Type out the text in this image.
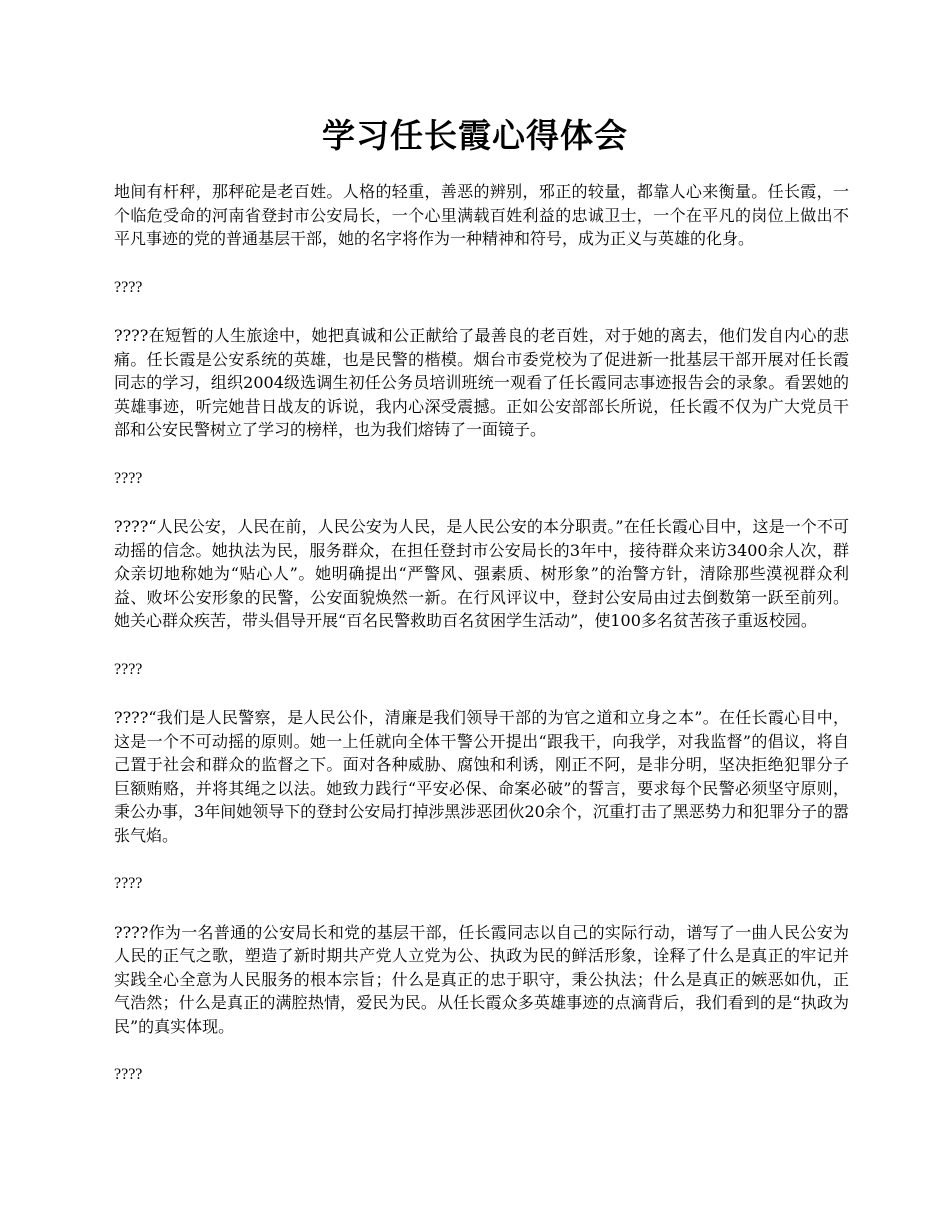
学习任长霞心得体会

地间有杆秤，那秤砣是老百姓。人格的轻重，善恶的辨别，邪正的较量，都靠人心来衡量。任长霞，一个临危受命的河南省登封市公安局长，一个心里满载百姓利益的忠诚卫士，一个在平凡的岗位上做出不平凡事迹的党的普通基层干部，她的名字将作为一种精神和符号，成为正义与英雄的化身。

????

????在短暂的人生旅途中，她把真诚和公正献给了最善良的老百姓，对于她的离去，他们发自内心的悲痛。任长霞是公安系统的英雄，也是民警的楷模。烟台市委党校为了促进新一批基层干部开展对任长霞同志的学习，组织2004级选调生初任公务员培训班统一观看了任长霞同志事迹报告会的录象。看罢她的英雄事迹，听完她昔日战友的诉说，我内心深受震撼。正如公安部部长所说，任长霞不仅为广大党员干部和公安民警树立了学习的榜样，也为我们熔铸了一面镜子。

????

????“人民公安，人民在前，人民公安为人民，是人民公安的本分职责。”在任长霞心目中，这是一个不可动摇的信念。她执法为民，服务群众，在担任登封市公安局长的3年中，接待群众来访3400余人次，群众亲切地称她为“贴心人”。她明确提出“严警风、强素质、树形象”的治警方针，清除那些漠视群众利益、败坏公安形象的民警，公安面貌焕然一新。在行风评议中，登封公安局由过去倒数第一跃至前列。她关心群众疾苦，带头倡导开展“百名民警救助百名贫困学生活动”，使100多名贫苦孩子重返校园。

????

????“我们是人民警察，是人民公仆，清廉是我们领导干部的为官之道和立身之本”。在任长霞心目中，这是一个不可动摇的原则。她一上任就向全体干警公开提出“跟我干，向我学，对我监督”的倡议，将自己置于社会和群众的监督之下。面对各种威胁、腐蚀和利诱，刚正不阿，是非分明，坚决拒绝犯罪分子巨额贿赂，并将其绳之以法。她致力践行“平安必保、命案必破”的誓言，要求每个民警必须坚守原则，秉公办事，3年间她领导下的登封公安局打掉涉黑涉恶团伙20余个，沉重打击了黑恶势力和犯罪分子的嚣张气焰。

????

????作为一名普通的公安局长和党的基层干部，任长霞同志以自己的实际行动，谱写了一曲人民公安为人民的正气之歌，塑造了新时期共产党人立党为公、执政为民的鲜活形象，诠释了什么是真正的牢记并实践全心全意为人民服务的根本宗旨；什么是真正的忠于职守，秉公执法；什么是真正的嫉恶如仇，正气浩然；什么是真正的满腔热情，爱民为民。从任长霞众多英雄事迹的点滴背后，我们看到的是“执政为民”的真实体现。

????
